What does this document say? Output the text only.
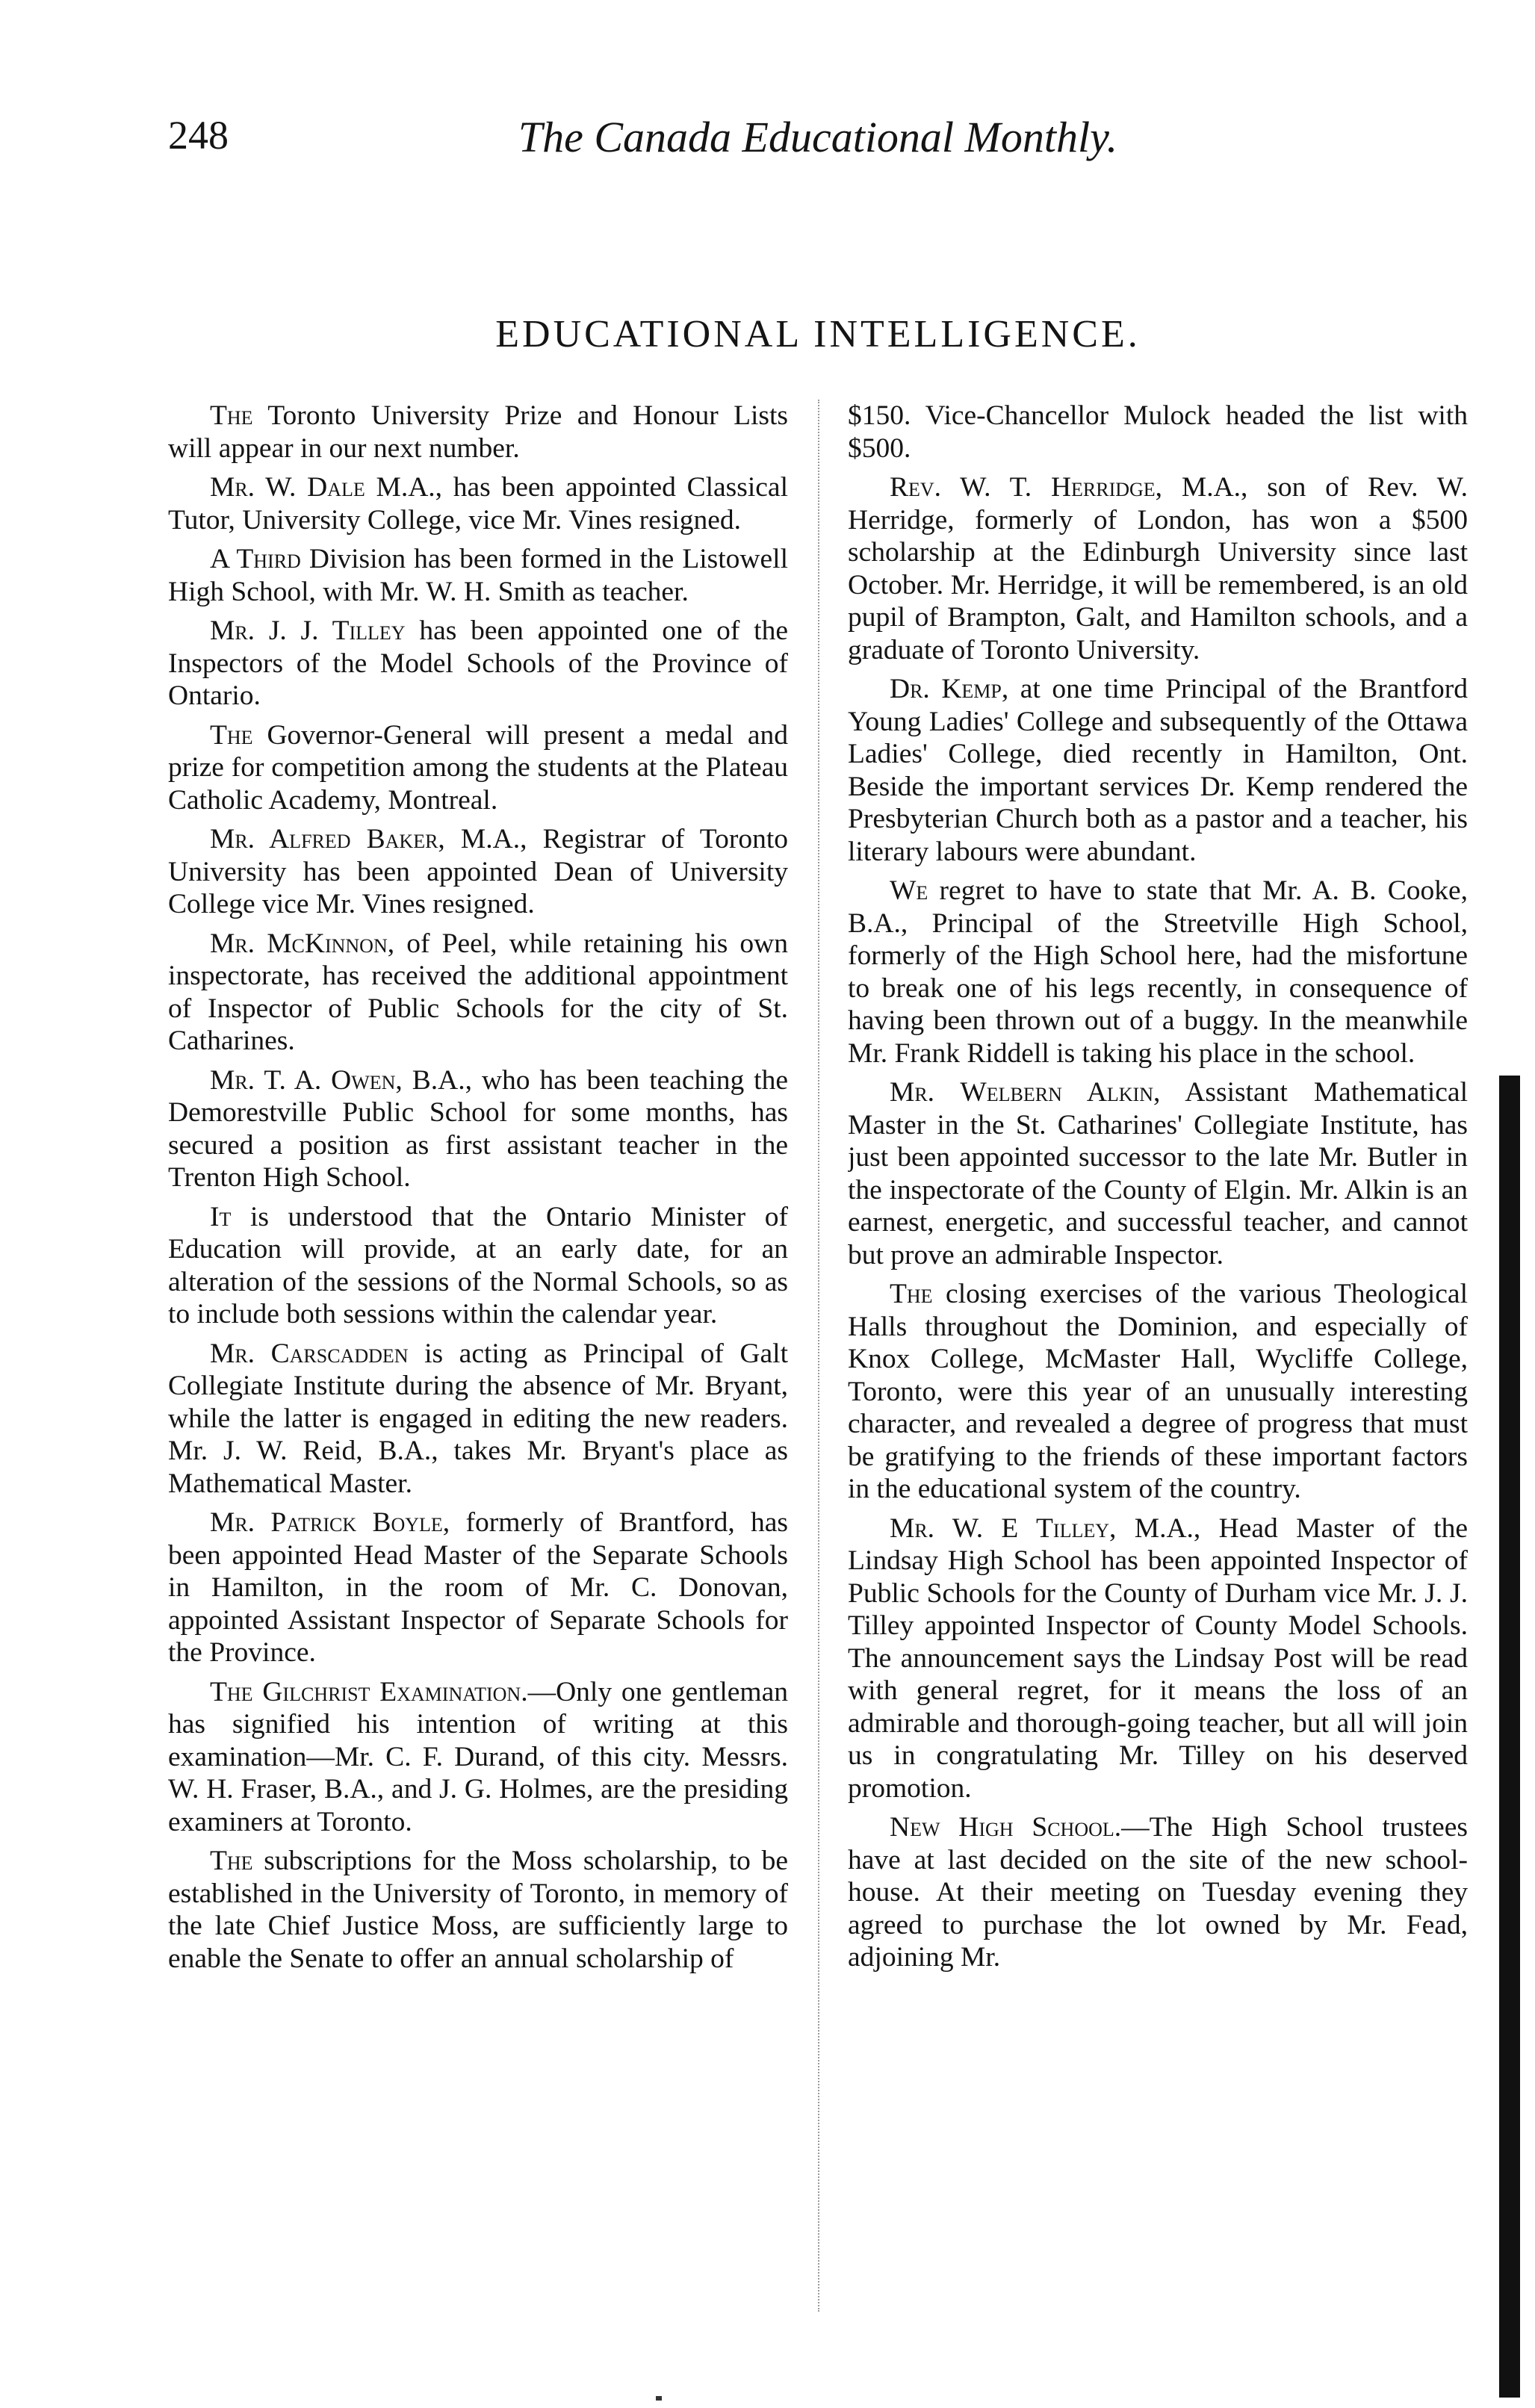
248	The Canada Educational Monthly.
EDUCATIONAL INTELLIGENCE.

The Toronto University Prize and Honour Lists will appear in our next number.

Mr. W. Dale M.A., has been appointed Classical Tutor, University College, vice Mr. Vines resigned.

A Third Division has been formed in the Listowell High School, with Mr. W. H. Smith as teacher.

Mr. J. J. Tilley has been appointed one of the Inspectors of the Model Schools of the Province of Ontario.

The Governor-General will present a medal and prize for competition among the students at the Plateau Catholic Academy, Montreal.

Mr. Alfred Baker, M.A., Registrar of Toronto University has been appointed Dean of University College vice Mr. Vines resigned.

Mr. McKinnon, of Peel, while retaining his own inspectorate, has received the additional appointment of Inspector of Public Schools for the city of St. Catharines.

Mr. T. A. Owen, B.A., who has been teaching the Demorestville Public School for some months, has secured a position as first assistant teacher in the Trenton High School.

It is understood that the Ontario Minister of Education will provide, at an early date, for an alteration of the sessions of the Normal Schools, so as to include both sessions within the calendar year.

Mr. Carscadden is acting as Principal of Galt Collegiate Institute during the absence of Mr. Bryant, while the latter is engaged in editing the new readers. Mr. J. W. Reid, B.A., takes Mr. Bryant's place as Mathematical Master.

Mr. Patrick Boyle, formerly of Brantford, has been appointed Head Master of the Separate Schools in Hamilton, in the room of Mr. C. Donovan, appointed Assistant Inspector of Separate Schools for the Province.

The Gilchrist Examination.—Only one gentleman has signified his intention of writing at this examination—Mr. C. F. Durand, of this city. Messrs. W. H. Fraser, B.A., and J. G. Holmes, are the presiding examiners at Toronto.

The subscriptions for the Moss scholarship, to be established in the University of Toronto, in memory of the late Chief Justice Moss, are sufficiently large to enable the Senate to offer an annual scholarship of

$150. Vice-Chancellor Mulock headed the list with $500.

Rev. W. T. Herridge, M.A., son of Rev. W. Herridge, formerly of London, has won a $500 scholarship at the Edinburgh University since last October. Mr. Herridge, it will be remembered, is an old pupil of Brampton, Galt, and Hamilton schools, and a graduate of Toronto University.

Dr. Kemp, at one time Principal of the Brantford Young Ladies' College and subsequently of the Ottawa Ladies' College, died recently in Hamilton, Ont. Beside the important services Dr. Kemp rendered the Presbyterian Church both as a pastor and a teacher, his literary labours were abundant.

We regret to have to state that Mr. A. B. Cooke, B.A., Principal of the Streetville High School, formerly of the High School here, had the misfortune to break one of his legs recently, in consequence of having been thrown out of a buggy. In the meanwhile Mr. Frank Riddell is taking his place in the school.

Mr. Welbern Alkin, Assistant Mathematical Master in the St. Catharines' Collegiate Institute, has just been appointed successor to the late Mr. Butler in the inspectorate of the County of Elgin. Mr. Alkin is an earnest, energetic, and successful teacher, and cannot but prove an admirable Inspector.

The closing exercises of the various Theological Halls throughout the Dominion, and especially of Knox College, McMaster Hall, Wycliffe College, Toronto, were this year of an unusually interesting character, and revealed a degree of progress that must be gratifying to the friends of these important factors in the educational system of the country.

Mr. W. E Tilley, M.A., Head Master of the Lindsay High School has been appointed Inspector of Public Schools for the County of Durham vice Mr. J. J. Tilley appointed Inspector of County Model Schools. The announcement says the Lindsay Post will be read with general regret, for it means the loss of an admirable and thorough-going teacher, but all will join us in congratulating Mr. Tilley on his deserved promotion.

New High School.—The High School trustees have at last decided on the site of the new school-house. At their meeting on Tuesday evening they agreed to purchase the lot owned by Mr. Fead, adjoining Mr.
